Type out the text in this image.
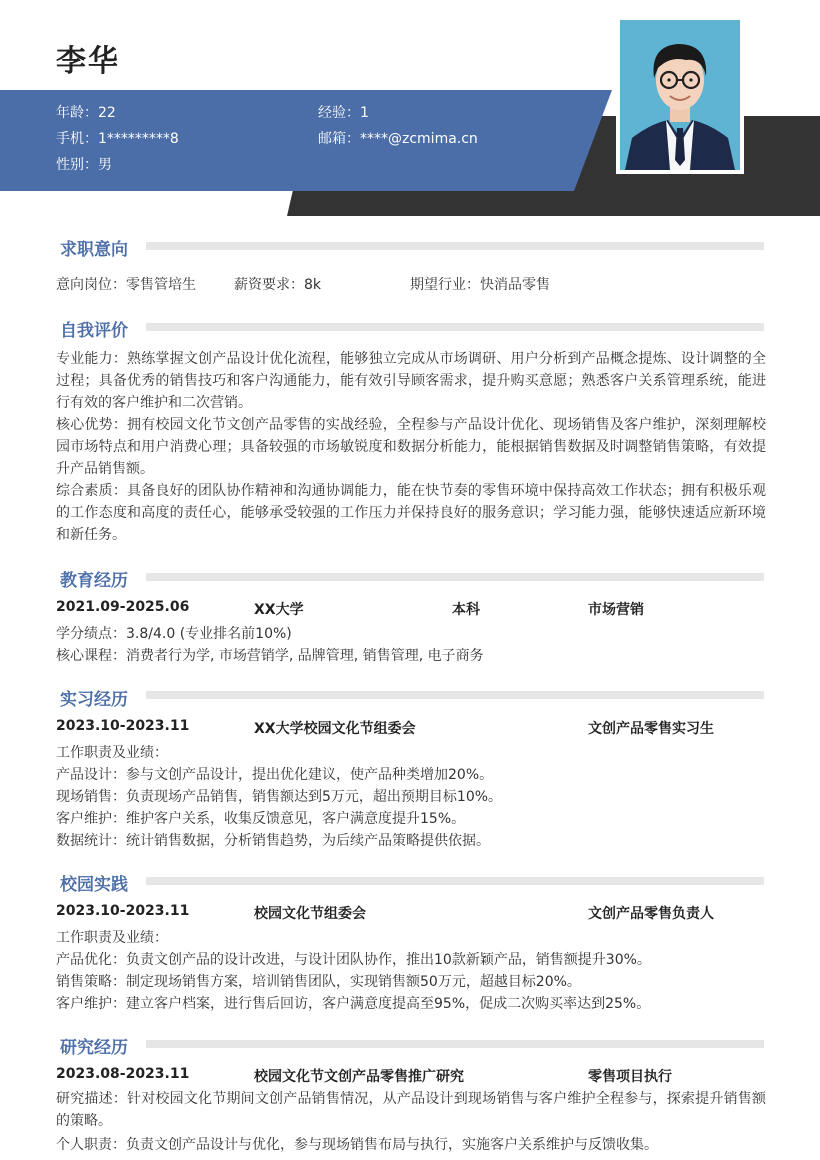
李华
年龄：22	经验：1
手机：1*********8	邮箱：****@zcmima.cn
性别：男
求职意向
意向岗位：零售管培生	薪资要求：8k	期望行业：快消品零售
自我评价

专业能力：熟练掌握文创产品设计优化流程，能够独立完成从市场调研、用户分析到产品概念提炼、设计调整的全过程；具备优秀的销售技巧和客户沟通能力，能有效引导顾客需求，提升购买意愿；熟悉客户关系管理系统，能进行有效的客户维护和二次营销。

核心优势：拥有校园文化节文创产品零售的实战经验，全程参与产品设计优化、现场销售及客户维护，深刻理解校园市场特点和用户消费心理；具备较强的市场敏锐度和数据分析能力，能根据销售数据及时调整销售策略，有效提升产品销售额。

综合素质：具备良好的团队协作精神和沟通协调能力，能在快节奏的零售环境中保持高效工作状态；拥有积极乐观的工作态度和高度的责任心，能够承受较强的工作压力并保持良好的服务意识；学习能力强，能够快速适应新环境和新任务。

教育经历
2021.09-2025.06	XX大学	本科	市场营销
学分绩点：3.8/4.0 (专业排名前10%)
核心课程：消费者行为学, 市场营销学, 品牌管理, 销售管理, 电子商务
实习经历
2023.10-2023.11	XX大学校园文化节组委会	文创产品零售实习生
工作职责及业绩：
产品设计：参与文创产品设计，提出优化建议，使产品种类增加20%。
现场销售：负责现场产品销售，销售额达到5万元，超出预期目标10%。
客户维护：维护客户关系，收集反馈意见，客户满意度提升15%。
数据统计：统计销售数据，分析销售趋势，为后续产品策略提供依据。
校园实践
2023.10-2023.11	校园文化节组委会	文创产品零售负责人
工作职责及业绩：
产品优化：负责文创产品的设计改进，与设计团队协作，推出10款新颖产品，销售额提升30%。
销售策略：制定现场销售方案，培训销售团队，实现销售额50万元，超越目标20%。
客户维护：建立客户档案，进行售后回访，客户满意度提高至95%，促成二次购买率达到25%。
研究经历
2023.08-2023.11	校园文化节文创产品零售推广研究	零售项目执行

研究描述：针对校园文化节期间文创产品销售情况，从产品设计到现场销售与客户维护全程参与，探索提升销售额的策略。

个人职责：负责文创产品设计与优化，参与现场销售布局与执行，实施客户关系维护与反馈收集。
